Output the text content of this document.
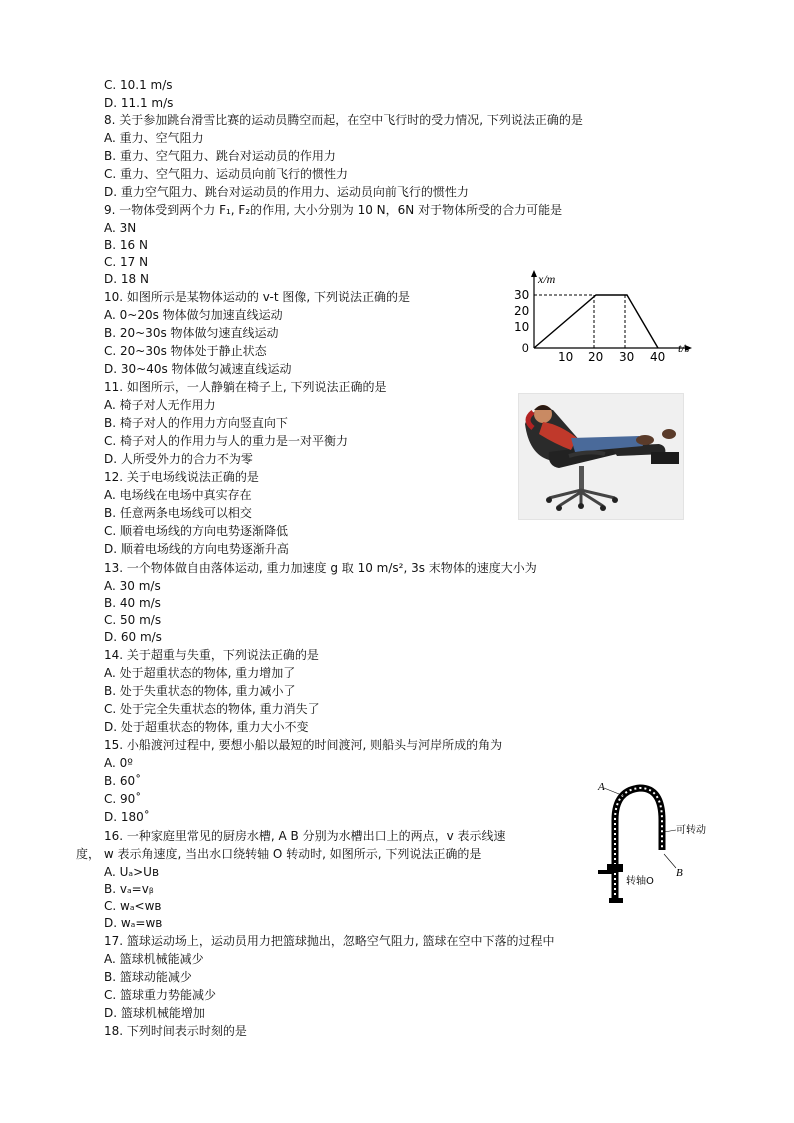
C. 10.1 m/s
D. 11.1 m/s
8. 关于参加跳台滑雪比赛的运动员腾空而起，在空中飞行时的受力情况, 下列说法正确的是
A. 重力、空气阻力
B. 重力、空气阻力、跳台对运动员的作用力
C. 重力、空气阻力、运动员向前飞行的惯性力
D. 重力空气阻力、跳台对运动员的作用力、运动员向前飞行的惯性力
9. 一物体受到两个力 F₁, F₂的作用, 大小分别为 10 N，6N 对于物体所受的合力可能是
A. 3N
B. 16 N
C. 17 N
D. 18 N
10. 如图所示是某物体运动的 v-t 图像, 下列说法正确的是
A. 0~20s 物体做匀加速直线运动
B. 20~30s 物体做匀速直线运动
C. 20~30s 物体处于静止状态
D. 30~40s 物体做匀减速直线运动
11. 如图所示，一人静躺在椅子上, 下列说法正确的是
A. 椅子对人无作用力
B. 椅子对人的作用力方向竖直向下
C. 椅子对人的作用力与人的重力是一对平衡力
D. 人所受外力的合力不为零
12. 关于电场线说法正确的是
A. 电场线在电场中真实存在
B. 任意两条电场线可以相交
C. 顺着电场线的方向电势逐渐降低
D. 顺着电场线的方向电势逐渐升高
13. 一个物体做自由落体运动, 重力加速度 g 取 10 m/s², 3s 末物体的速度大小为
A. 30 m/s
B. 40 m/s
C. 50 m/s
D. 60 m/s
14. 关于超重与失重，下列说法正确的是
A. 处于超重状态的物体, 重力增加了
B. 处于失重状态的物体, 重力减小了
C. 处于完全失重状态的物体, 重力消失了
D. 处于超重状态的物体, 重力大小不变
15. 小船渡河过程中, 要想小船以最短的时间渡河, 则船头与河岸所成的角为
A. 0º
B. 60˚
C. 90˚
D. 180˚
16. 一种家庭里常见的厨房水槽, A B 分别为水槽出口上的两点，v 表示线速
度， w 表示角速度, 当出水口绕转轴 O 转动时, 如图所示, 下列说法正确的是
A. Uₐ>Uʙ
B. vₐ=vᵦ
C. wₐ<wʙ
D. wₐ=wʙ
17. 篮球运动场上，运动员用力把篮球抛出，忽略空气阻力, 篮球在空中下落的过程中
A. 篮球机械能减少
B. 篮球动能减少
C. 篮球重力势能减少
D. 篮球机械能增加
18. 下列时间表示时刻的是
x/m
t/s
0
30
20
10
10 20 30 40
A
B
可转动
转轴O
